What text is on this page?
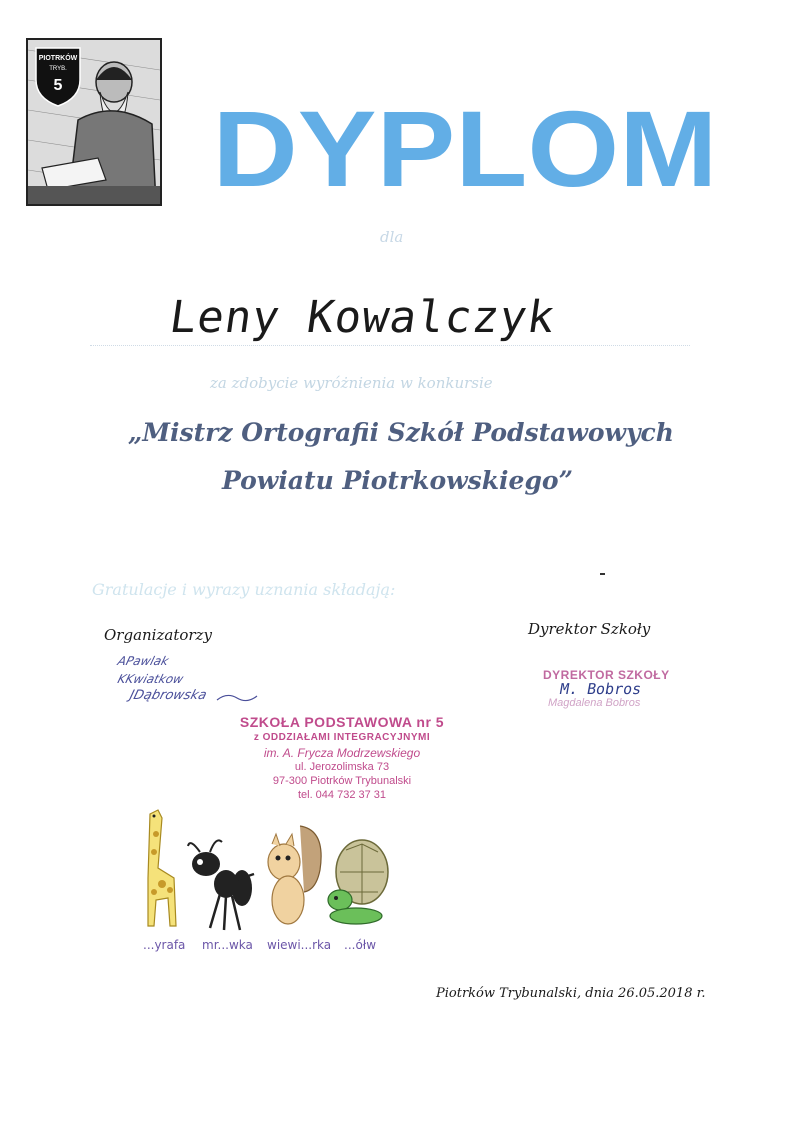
PIOTRKÓW
TRYB.
5
DYPLOM
dla
Leny Kowalczyk
za zdobycie wyróżnienia w konkursie
„Mistrz Ortografii Szkół Podstawowych
Powiatu Piotrkowskiego”
Gratulacje i wyrazy uznania składają:
Organizatorzy	Dyrektor Szkoły
APawlak
KKwiatkow
JDąbrowska
DYREKTOR SZKOŁY
M. Bobros
Magdalena Bobros
SZKOŁA PODSTAWOWA nr 5
z ODDZIAŁAMI INTEGRACYJNYMI
im. A. Frycza Modrzewskiego
ul. Jerozolimska 73
97-300 Piotrków Trybunalski
tel. 044 732 37 31
...yrafa mr...wka wiewi...rka ...ółw
Piotrków Trybunalski, dnia 26.05.2018 r.
